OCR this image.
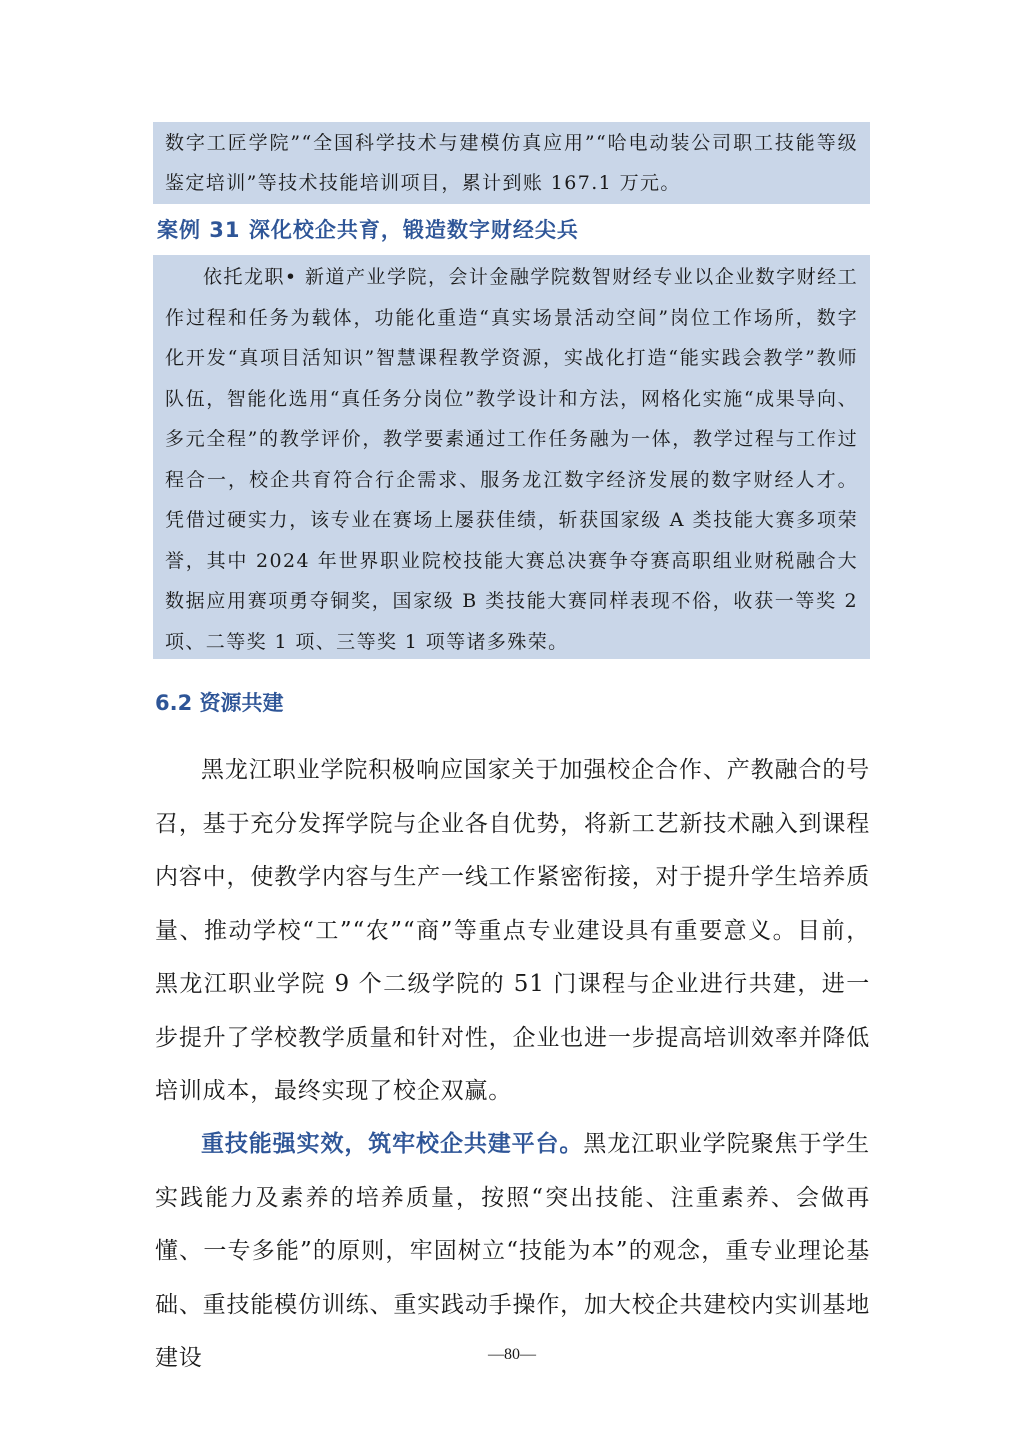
数字工匠学院”“全国科学技术与建模仿真应用”“哈电动装公司职工技能等级鉴定培训”等技术技能培训项目，累计到账 167.1 万元。

案例 31 深化校企共育，锻造数字财经尖兵

依托龙职• 新道产业学院，会计金融学院数智财经专业以企业数字财经工作过程和任务为载体，功能化重造“真实场景活动空间”岗位工作场所，数字化开发“真项目活知识”智慧课程教学资源，实战化打造“能实践会教学”教师队伍，智能化选用“真任务分岗位”教学设计和方法，网格化实施“成果导向、多元全程”的教学评价，教学要素通过工作任务融为一体，教学过程与工作过程合一，校企共育符合行企需求、服务龙江数字经济发展的数字财经人才。凭借过硬实力，该专业在赛场上屡获佳绩，斩获国家级 A 类技能大赛多项荣誉，其中 2024 年世界职业院校技能大赛总决赛争夺赛高职组业财税融合大数据应用赛项勇夺铜奖，国家级 B 类技能大赛同样表现不俗，收获一等奖 2 项、二等奖 1 项、三等奖 1 项等诸多殊荣。

6.2 资源共建

黑龙江职业学院积极响应国家关于加强校企合作、产教融合的号召，基于充分发挥学院与企业各自优势，将新工艺新技术融入到课程内容中，使教学内容与生产一线工作紧密衔接，对于提升学生培养质量、推动学校“工”“农”“商”等重点专业建设具有重要意义。目前，黑龙江职业学院 9 个二级学院的 51 门课程与企业进行共建，进一步提升了学校教学质量和针对性，企业也进一步提高培训效率并降低培训成本，最终实现了校企双赢。

重技能强实效，筑牢校企共建平台。黑龙江职业学院聚焦于学生实践能力及素养的培养质量，按照“突出技能、注重素养、会做再懂、一专多能”的原则，牢固树立“技能为本”的观念，重专业理论基础、重技能模仿训练、重实践动手操作，加大校企共建校内实训基地建设	—80—
